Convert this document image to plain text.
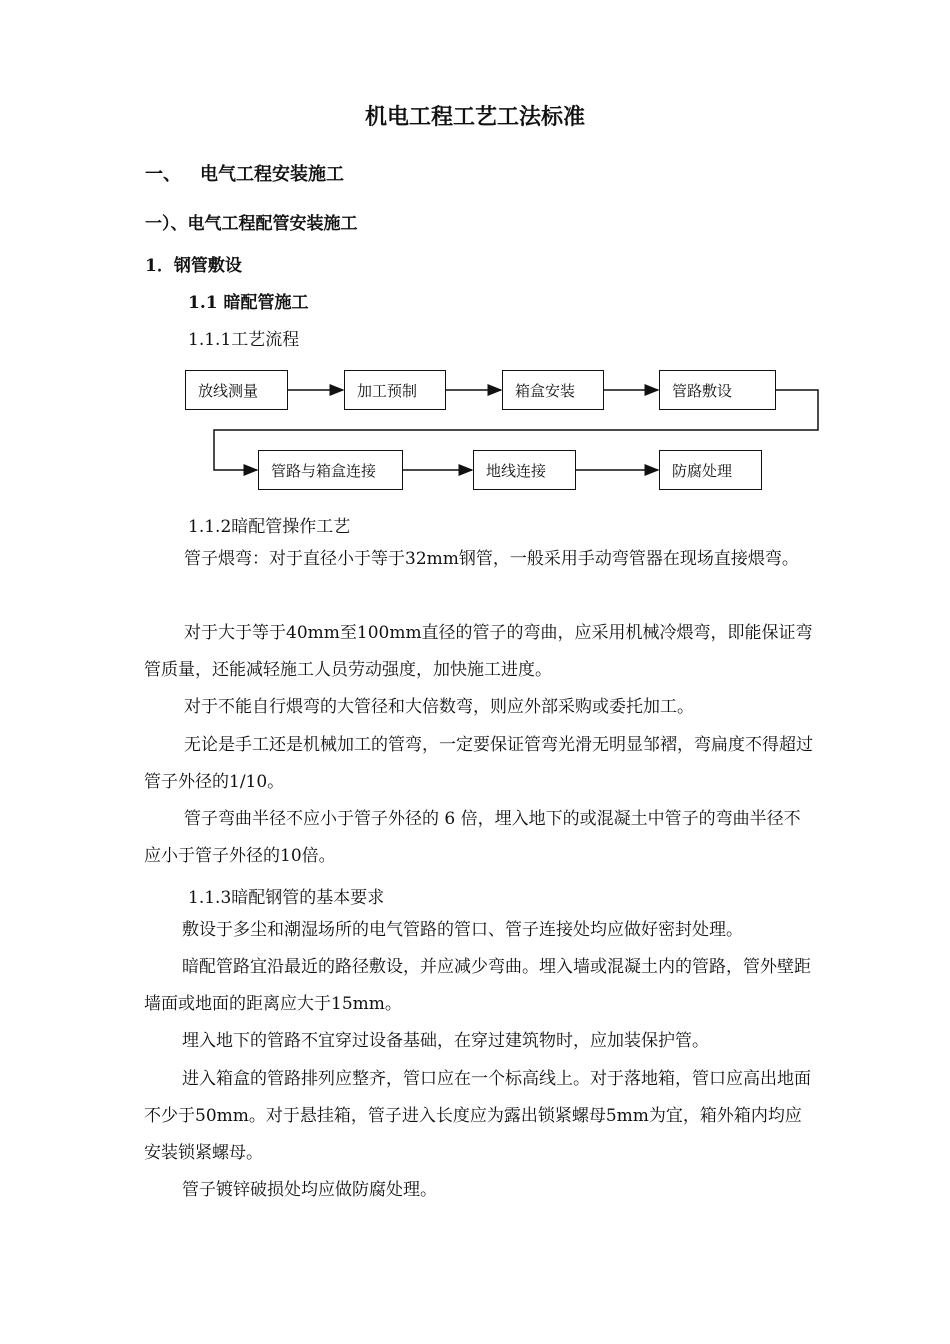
机电工程工艺工法标准
一、 电气工程安装施工
一）、电气工程配管安装施工
1．钢管敷设
1.1 暗配管施工
1.1.1工艺流程
放线测量	加工预制	箱盒安装	管路敷设
管路与箱盒连接	地线连接	防腐处理
1.1.2暗配管操作工艺
管子煨弯：对于直径小于等于32mm钢管，一般采用手动弯管器在现场直接煨弯。
对于大于等于40mm至100mm直径的管子的弯曲，应采用机械冷煨弯，即能保证弯管质量，还能减轻施工人员劳动强度，加快施工进度。
对于不能自行煨弯的大管径和大倍数弯，则应外部采购或委托加工。
无论是手工还是机械加工的管弯，一定要保证管弯光滑无明显邹褶，弯扁度不得超过管子外径的1/10。
管子弯曲半径不应小于管子外径的 6 倍，埋入地下的或混凝土中管子的弯曲半径不应小于管子外径的10倍。
1.1.3暗配钢管的基本要求
敷设于多尘和潮湿场所的电气管路的管口、管子连接处均应做好密封处理。
暗配管路宜沿最近的路径敷设，并应减少弯曲。埋入墙或混凝土内的管路，管外壁距墙面或地面的距离应大于15mm。
埋入地下的管路不宜穿过设备基础，在穿过建筑物时，应加装保护管。
进入箱盒的管路排列应整齐，管口应在一个标高线上。对于落地箱，管口应高出地面不少于50mm。对于悬挂箱，管子进入长度应为露出锁紧螺母5mm为宜，箱外箱内均应安装锁紧螺母。
管子镀锌破损处均应做防腐处理。
